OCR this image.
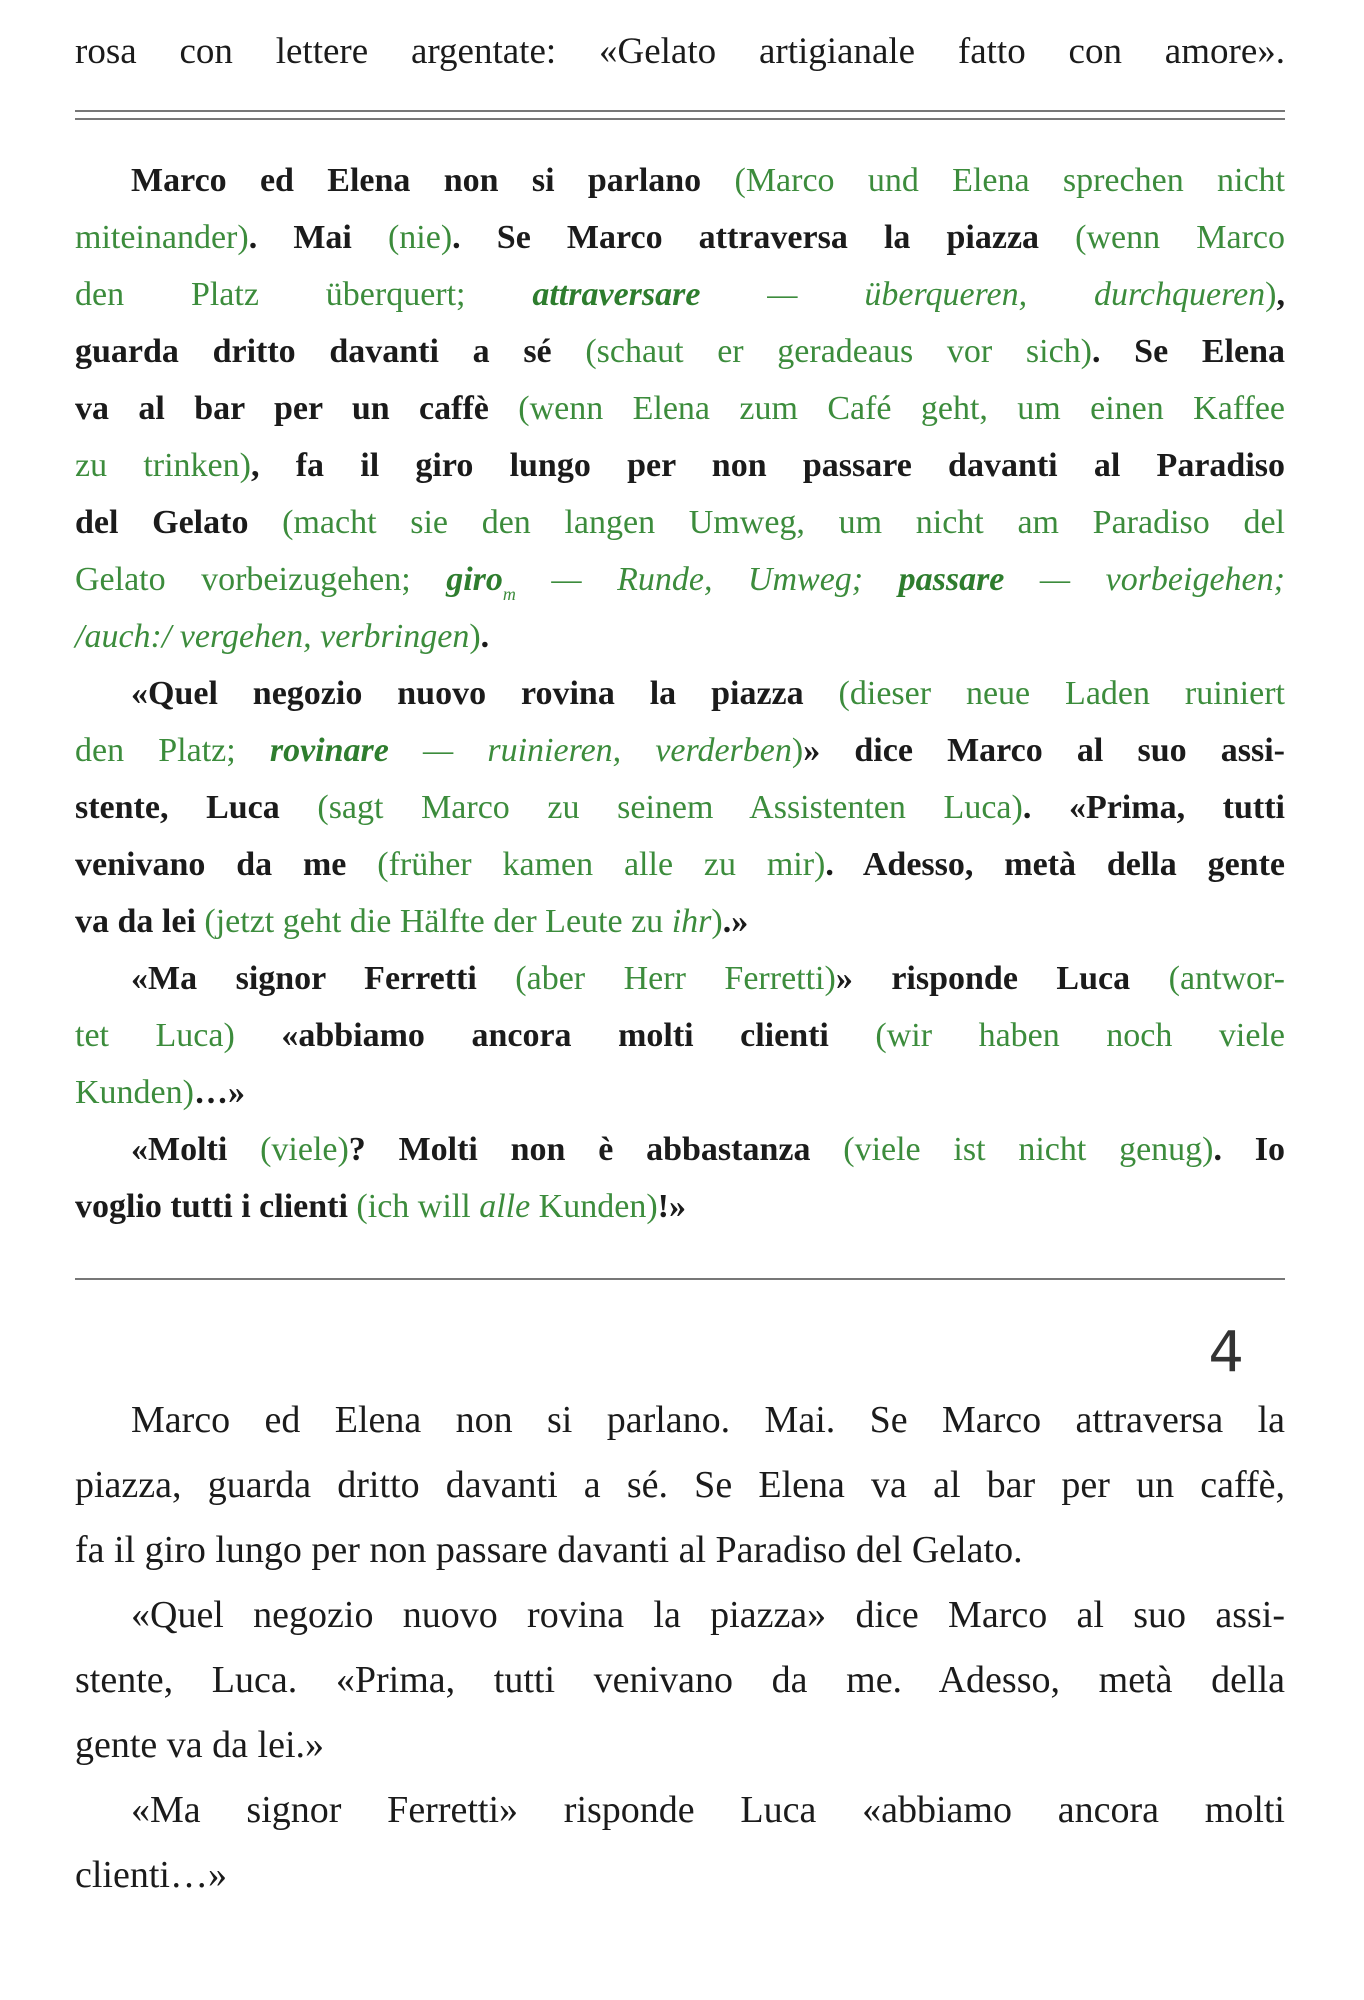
rosa con lettere argentate: «Gelato artigianale fatto con amore».
Marco ed Elena non si parlano (Marco und Elena sprechen nicht
miteinander). Mai (nie). Se Marco attraversa la piazza (wenn Marco
den Platz überquert; attraversare — überqueren, durchqueren),
guarda dritto davanti a sé (schaut er geradeaus vor sich). Se Elena
va al bar per un caffè (wenn Elena zum Café geht, um einen Kaffee
zu trinken), fa il giro lungo per non passare davanti al Paradiso
del Gelato (macht sie den langen Umweg, um nicht am Paradiso del
Gelato vorbeizugehen; giro$_m$ — Runde, Umweg; passare — vorbeigehen;
/auch:/ vergehen, verbringen).
«Quel negozio nuovo rovina la piazza (dieser neue Laden ruiniert
den Platz; rovinare — ruinieren, verderben)» dice Marco al suo assi-
stente, Luca (sagt Marco zu seinem Assistenten Luca). «Prima, tutti
venivano da me (früher kamen alle zu mir). Adesso, metà della gente
va da lei (jetzt geht die Hälfte der Leute zu ihr).»
«Ma signor Ferretti (aber Herr Ferretti)» risponde Luca (antwor-
tet Luca) «abbiamo ancora molti clienti (wir haben noch viele
Kunden)…»
«Molti (viele)? Molti non è abbastanza (viele ist nicht genug). Io
voglio tutti i clienti (ich will alle Kunden)!»
4
Marco ed Elena non si parlano. Mai. Se Marco attraversa la
piazza, guarda dritto davanti a sé. Se Elena va al bar per un caffè,
fa il giro lungo per non passare davanti al Paradiso del Gelato.
«Quel negozio nuovo rovina la piazza» dice Marco al suo assi-
stente, Luca. «Prima, tutti venivano da me. Adesso, metà della
gente va da lei.»
«Ma signor Ferretti» risponde Luca «abbiamo ancora molti
clienti…»
